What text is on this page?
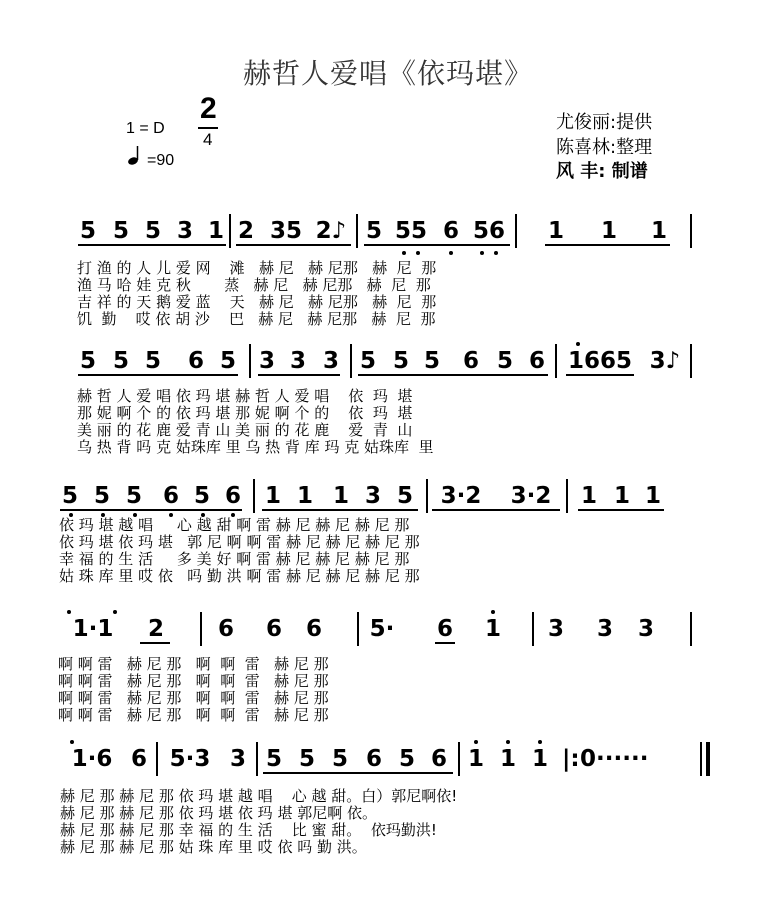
赫哲人爱唱《依玛堪》
1 = D
2
4
=90
尤俊丽:提供
陈喜林:整理
风 丰: 制谱
5 5 5 3 1 2 35 2♪ 5 55 6 56 1 1 1

打 渔 的 人 儿 爱 网    滩   赫 尼   赫 尼那   赫  尼  那

渔 马 哈 娃 克 秋       蒸   赫 尼   赫 尼那   赫  尼  那

吉 祥 的 天 鹅 爱 蓝    天   赫 尼   赫 尼那   赫  尼  那

饥  勤    哎 依 胡 沙    巴   赫 尼   赫 尼那   赫  尼  那

5 5 5 6 5 3 3 3 5 5 5 6 5 6 1665 3♪

赫 哲 人 爱 唱 依 玛 堪 赫 哲 人 爱 唱    依  玛  堪

那 妮 啊 个 的 依 玛 堪 那 妮 啊 个 的    依  玛  堪

美 丽 的 花 鹿 爱 青 山 美 丽 的 花 鹿    爱  青  山

乌 热 背 吗 克 姑珠库 里 乌 热 背 库 玛 克 姑珠库  里

5 5 5 6 5 6 1 1 1 3 5	3·2	3·2	1 1 1

依 玛 堪 越 唱     心 越 甜 啊 雷 赫 尼 赫 尼 赫 尼 那

依 玛 堪 依 玛 堪   郭 尼 啊 啊 雷 赫 尼 赫 尼 赫 尼 那

幸 福 的 生 活     多 美 好 啊 雷 赫 尼 赫 尼 赫 尼 那

姑 珠 库 里 哎 依   吗 勤 洪 啊 雷 赫 尼 赫 尼 赫 尼 那

1·1	2 6 6 6 5· 6 1 3 3 3

啊 啊 雷   赫 尼 那   啊  啊  雷   赫 尼 那

啊 啊 雷   赫 尼 那   啊  啊  雷   赫 尼 那

啊 啊 雷   赫 尼 那   啊  啊  雷   赫 尼 那

啊 啊 雷   赫 尼 那   啊  啊  雷   赫 尼 那

1·6 6 5·3 3 5 5 5 6 5 6 1 1 1 |: 0······

赫 尼 那 赫 尼 那 依 玛 堪 越 唱    心 越 甜。白）郭尼啊依!

赫 尼 那 赫 尼 那 依 玛 堪 依 玛 堪 郭尼啊 依。

赫 尼 那 赫 尼 那 幸 福 的 生 活    比 蜜 甜。  依玛勤洪!

赫 尼 那 赫 尼 那 姑 珠 库 里 哎 依 吗 勤 洪。
